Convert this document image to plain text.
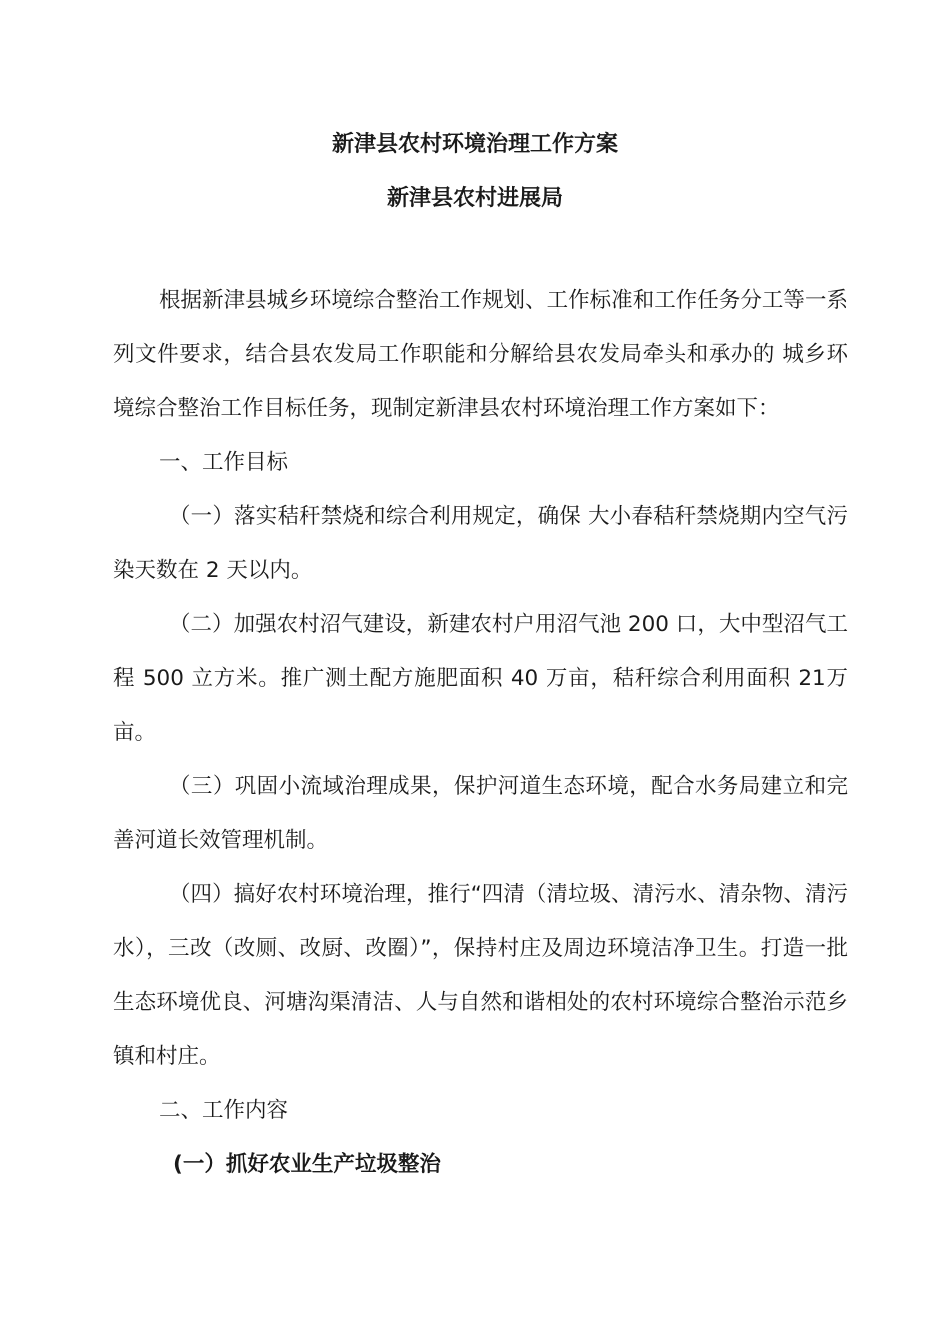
新津县农村环境治理工作方案
新津县农村进展局

根据新津县城乡环境综合整治工作规划、工作标准和工作任务分工等一系列文件要求，结合县农发局工作职能和分解给县农发局牵头和承办的 城乡环境综合整治工作目标任务，现制定新津县农村环境治理工作方案如下：

一、工作目标

（一）落实秸秆禁烧和综合利用规定，确保 大小春秸秆禁烧期内空气污染天数在 2 天以内。

（二）加强农村沼气建设，新建农村户用沼气池 200 口，大中型沼气工程 500 立方米。推广测土配方施肥面积 40 万亩，秸秆综合利用面积 21万亩。

（三）巩固小流域治理成果，保护河道生态环境，配合水务局建立和完善河道长效管理机制。

（四）搞好农村环境治理，推行“四清（清垃圾、清污水、清杂物、清污水），三改（改厕、改厨、改圈）”，保持村庄及周边环境洁净卫生。打造一批生态环境优良、河塘沟渠清洁、人与自然和谐相处的农村环境综合整治示范乡镇和村庄。

二、工作内容

(一）抓好农业生产垃圾整治
